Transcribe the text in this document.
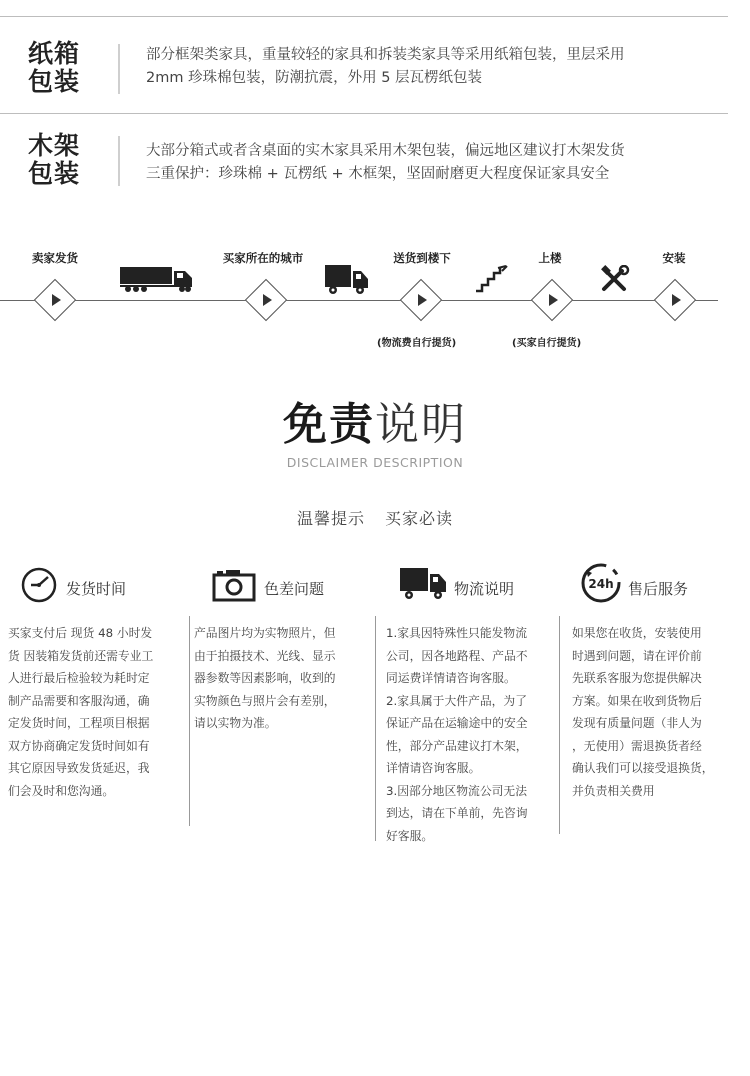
纸箱
包装
部分框架类家具，重量较轻的家具和拆装类家具等采用纸箱包装，里层采用
2mm 珍珠棉包装，防潮抗震，外用 5 层瓦楞纸包装
木架
包装
大部分箱式或者含桌面的实木家具采用木架包装，偏远地区建议打木架发货
三重保护：珍珠棉 + 瓦楞纸 + 木框架，坚固耐磨更大程度保证家具安全
卖家发货	买家所在的城市	送货到楼下	上楼	安装
(物流费自行提货)	(买家自行提货)
免责说明
DISCLAIMER DESCRIPTION
温馨提示 买家必读
发货时间	色差问题	物流说明	24h 售后服务
买家支付后 现货 48 小时发
货 因装箱发货前还需专业工
人进行最后检验较为耗时定
制产品需要和客服沟通，确
定发货时间，工程项目根据
双方协商确定发货时间如有
其它原因导致发货延迟，我
们会及时和您沟通。
产品图片均为实物照片，但
由于拍摄技术、光线、显示
器参数等因素影响，收到的
实物颜色与照片会有差别，
请以实物为准。
1.家具因特殊性只能发物流
公司，因各地路程、产品不
同运费详情请咨询客服。
2.家具属于大件产品，为了
保证产品在运输途中的安全
性，部分产品建议打木架，
详情请咨询客服。
3.因部分地区物流公司无法
到达，请在下单前，先咨询
好客服。
如果您在收货，安装使用
时遇到问题，请在评价前
先联系客服为您提供解决
方案。如果在收到货物后
发现有质量问题（非人为
，无使用）需退换货者经
确认我们可以接受退换货，
并负责相关费用
